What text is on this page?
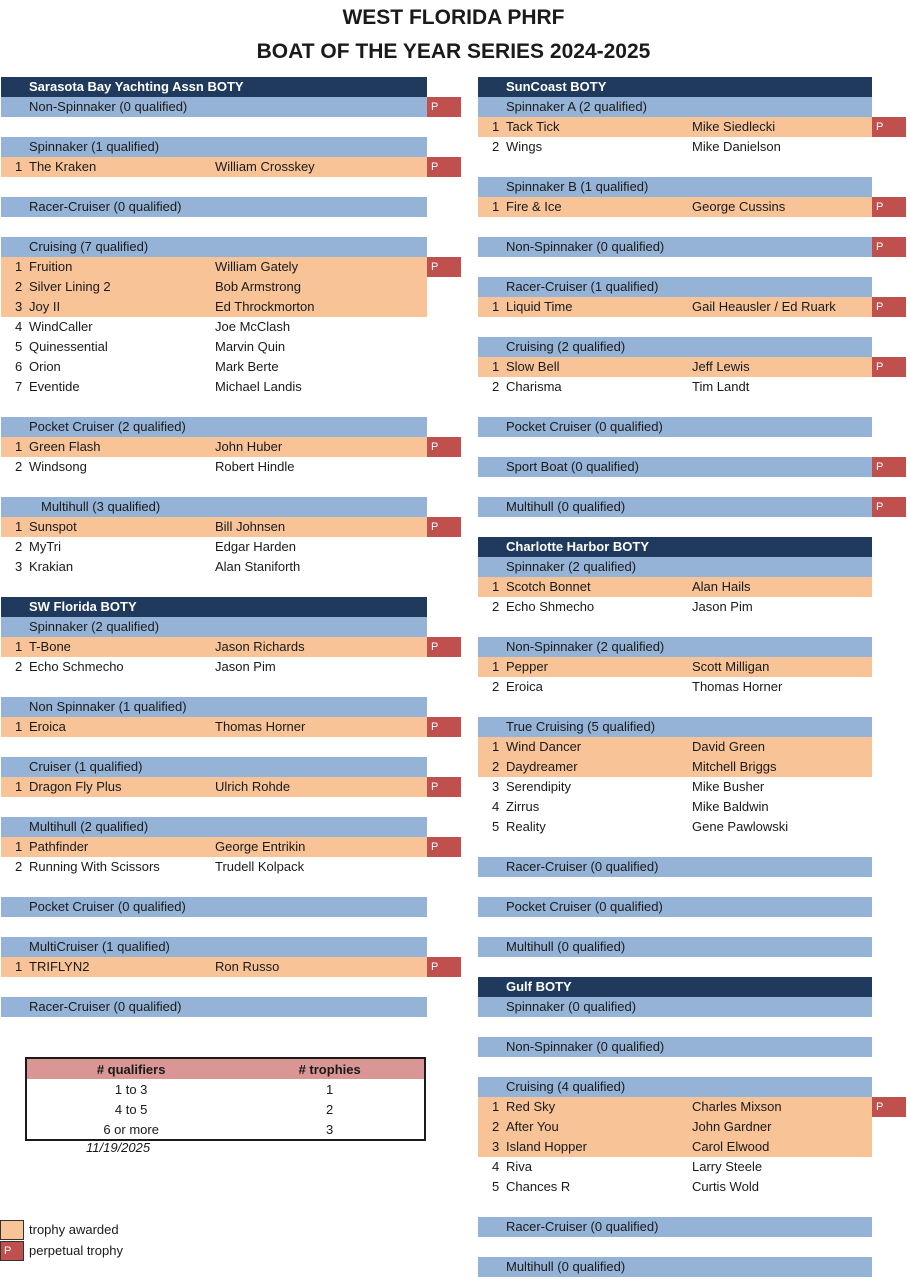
WEST FLORIDA PHRF
BOAT OF THE YEAR SERIES 2024-2025
Sarasota Bay Yachting Assn BOTY
Non-Spinnaker (0 qualified)	P
Spinnaker (1 qualified)
1 The Kraken	William Crosskey	P
Racer-Cruiser (0 qualified)
Cruising (7 qualified)
1 Fruition	William Gately	P
2 Silver Lining 2	Bob Armstrong
3 Joy II	Ed Throckmorton
4 WindCaller	Joe McClash
5 Quinessential	Marvin Quin
6 Orion	Mark Berte
7 Eventide	Michael Landis
Pocket Cruiser (2 qualified)
1 Green Flash	John Huber	P
2 Windsong	Robert Hindle
Multihull (3 qualified)
1 Sunspot	Bill Johnsen	P
2 MyTri	Edgar Harden
3 Krakian	Alan Staniforth
SW Florida BOTY
Spinnaker (2 qualified)
1 T-Bone	Jason Richards	P
2 Echo Schmecho	Jason Pim
Non Spinnaker (1 qualified)
1 Eroica	Thomas Horner	P
Cruiser (1 qualified)
1 Dragon Fly Plus	Ulrich Rohde	P
Multihull (2 qualified)
1 Pathfinder	George Entrikin	P
2 Running With Scissors	Trudell Kolpack
Pocket Cruiser (0 qualified)
MultiCruiser (1 qualified)
1 TRIFLYN2	Ron Russo	P
Racer-Cruiser (0 qualified)
SunCoast BOTY
Spinnaker A (2 qualified)
1 Tack Tick	Mike Siedlecki	P
2 Wings	Mike Danielson
Spinnaker B (1 qualified)
1 Fire & Ice	George Cussins	P
Non-Spinnaker (0 qualified)	P
Racer-Cruiser (1 qualified)
1 Liquid Time	Gail Heausler / Ed Ruark	P
Cruising (2 qualified)
1 Slow Bell	Jeff Lewis	P
2 Charisma	Tim Landt
Pocket Cruiser (0 qualified)
Sport Boat (0 qualified)	P
Multihull (0 qualified)	P
Charlotte Harbor BOTY
Spinnaker (2 qualified)
1 Scotch Bonnet	Alan Hails
2 Echo Shmecho	Jason Pim
Non-Spinnaker (2 qualified)
1 Pepper	Scott Milligan
2 Eroica	Thomas Horner
True Cruising (5 qualified)
1 Wind Dancer	David Green
2 Daydreamer	Mitchell Briggs
3 Serendipity	Mike Busher
4 Zirrus	Mike Baldwin
5 Reality	Gene Pawlowski
Racer-Cruiser (0 qualified)
Pocket Cruiser (0 qualified)
Multihull (0 qualified)
Gulf BOTY
Spinnaker (0 qualified)
Non-Spinnaker (0 qualified)
Cruising (4 qualified)
1 Red Sky	Charles Mixson	P
2 After You	John Gardner
3 Island Hopper	Carol Elwood
4 Riva	Larry Steele
5 Chances R	Curtis Wold
Racer-Cruiser (0 qualified)
Multihull (0 qualified)
# qualifiers	# trophies
1 to 3	1
4 to 5	2
6 or more	3
11/19/2025
trophy awarded
P	perpetual trophy
